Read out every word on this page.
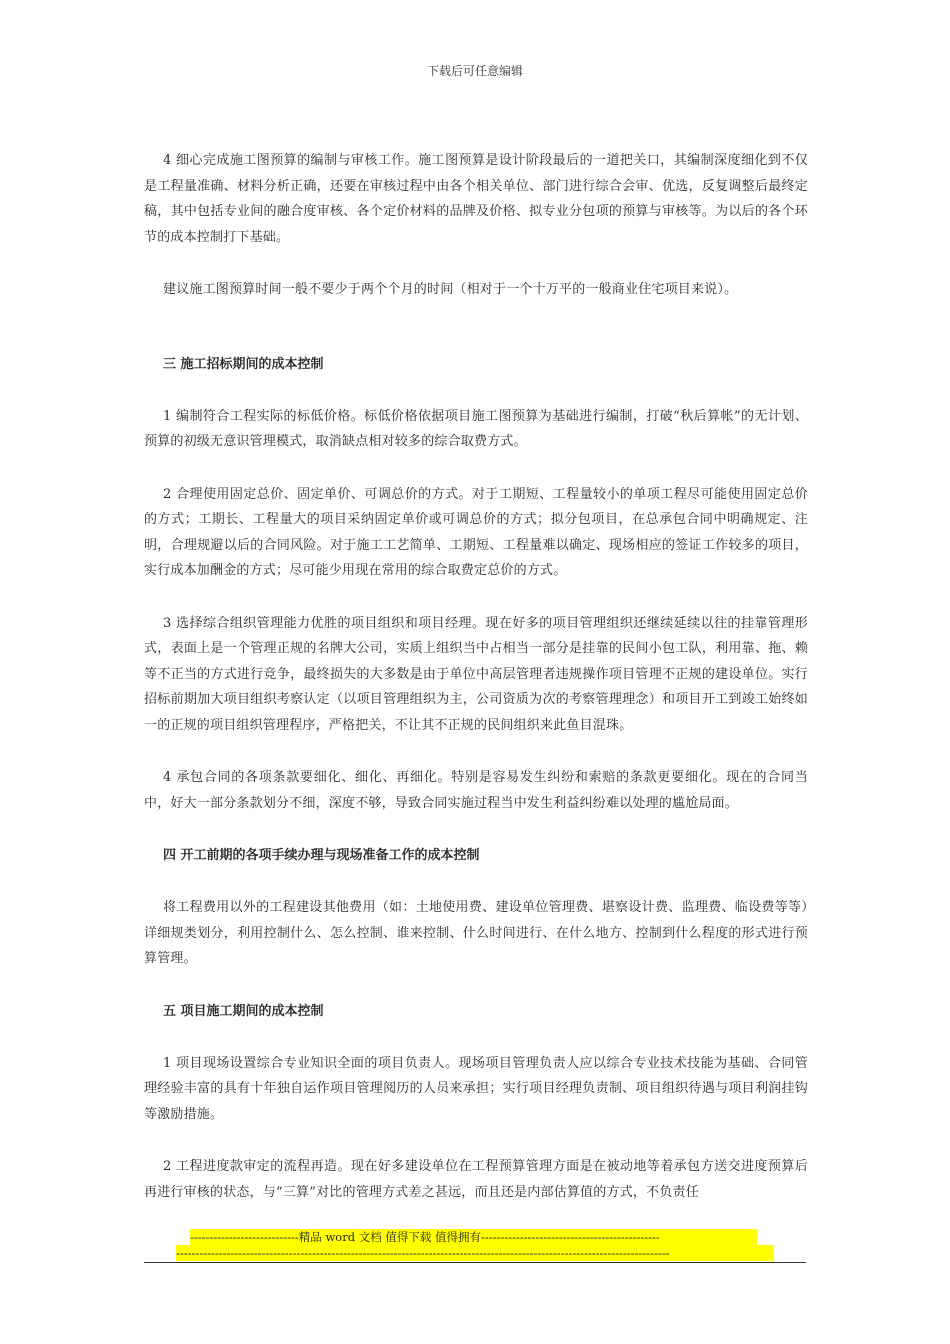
下载后可任意编辑

4 细心完成施工图预算的编制与审核工作。施工图预算是设计阶段最后的一道把关口，其编制深度细化到不仅是工程量准确、材料分析正确，还要在审核过程中由各个相关单位、部门进行综合会审、优选，反复调整后最终定稿，其中包括专业间的融合度审核、各个定价材料的品牌及价格、拟专业分包项的预算与审核等。为以后的各个环节的成本控制打下基础。

建议施工图预算时间一般不要少于两个个月的时间（相对于一个十万平的一般商业住宅项目来说）。

三 施工招标期间的成本控制

1 编制符合工程实际的标低价格。标低价格依据项目施工图预算为基础进行编制，打破“秋后算帐”的无计划、预算的初级无意识管理模式，取消缺点相对较多的综合取费方式。

2 合理使用固定总价、固定单价、可调总价的方式。对于工期短、工程量较小的单项工程尽可能使用固定总价的方式；工期长、工程量大的项目采纳固定单价或可调总价的方式；拟分包项目，在总承包合同中明确规定、注明，合理规避以后的合同风险。对于施工工艺简单、工期短、工程量难以确定、现场相应的签证工作较多的项目，实行成本加酬金的方式；尽可能少用现在常用的综合取费定总价的方式。

3 选择综合组织管理能力优胜的项目组织和项目经理。现在好多的项目管理组织还继续延续以往的挂靠管理形式，表面上是一个管理正规的名牌大公司，实质上组织当中占相当一部分是挂靠的民间小包工队，利用靠、拖、赖等不正当的方式进行竞争，最终损失的大多数是由于单位中高层管理者违规操作项目管理不正规的建设单位。实行招标前期加大项目组织考察认定（以项目管理组织为主，公司资质为次的考察管理理念）和项目开工到竣工始终如一的正规的项目组织管理程序，严格把关，不让其不正规的民间组织来此鱼目混珠。

4 承包合同的各项条款要细化、细化、再细化。特别是容易发生纠纷和索赔的条款更要细化。现在的合同当中，好大一部分条款划分不细，深度不够，导致合同实施过程当中发生利益纠纷难以处理的尴尬局面。

四 开工前期的各项手续办理与现场准备工作的成本控制

将工程费用以外的工程建设其他费用（如：土地使用费、建设单位管理费、堪察设计费、监理费、临设费等等）详细规类划分，利用控制什么、怎么控制、谁来控制、什么时间进行、在什么地方、控制到什么程度的形式进行预算管理。

五 项目施工期间的成本控制

1 项目现场设置综合专业知识全面的项目负责人。现场项目管理负责人应以综合专业技术技能为基础、合同管理经验丰富的具有十年独自运作项目管理阅历的人员来承担；实行项目经理负责制、项目组织待遇与项目利润挂钩等激励措施。

2 工程进度款审定的流程再造。现在好多建设单位在工程预算管理方面是在被动地等着承包方送交进度预算后再进行审核的状态，与“三算”对比的管理方式差之甚远，而且还是内部估算值的方式，不负责任

----------------------------精品 word 文档 值得下载 值得拥有----------------------------------------------
-------------------------------------------------------------------------------------------------------------------------------
